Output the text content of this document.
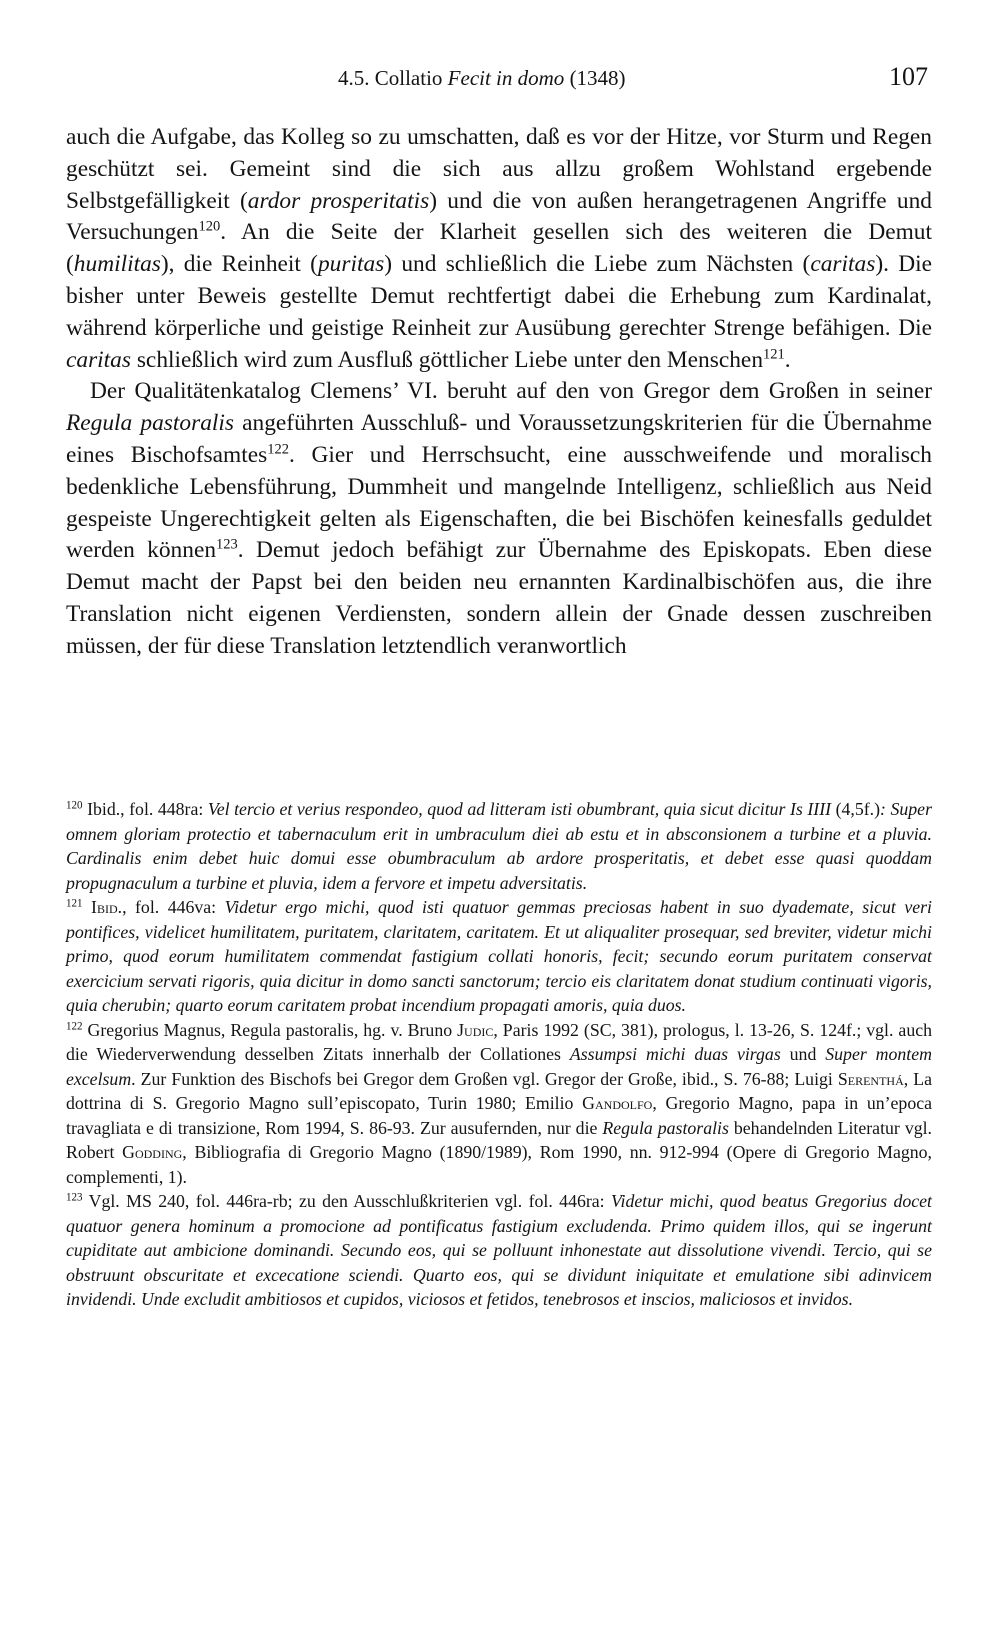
4.5. Collatio Fecit in domo (1348)	107

auch die Aufgabe, das Kolleg so zu umschatten, daß es vor der Hitze, vor Sturm und Regen geschützt sei. Gemeint sind die sich aus allzu großem Wohlstand ergebende Selbstgefälligkeit (ardor prosperitatis) und die von außen herangetragenen Angriffe und Versuchungen$^{120}$. An die Seite der Klarheit gesellen sich des weiteren die Demut (humilitas), die Reinheit (puritas) und schließlich die Liebe zum Nächsten (caritas). Die bisher unter Beweis gestellte Demut rechtfertigt dabei die Erhebung zum Kardinalat, während körperliche und geistige Reinheit zur Ausübung gerechter Strenge befähigen. Die caritas schließlich wird zum Ausfluß göttlicher Liebe unter den Menschen$^{121}$.

Der Qualitätenkatalog Clemens’ VI. beruht auf den von Gregor dem Großen in seiner Regula pastoralis angeführten Ausschluß- und Voraussetzungskriterien für die Übernahme eines Bischofsamtes$^{122}$. Gier und Herrschsucht, eine ausschweifende und moralisch bedenkliche Lebensführung, Dummheit und mangelnde Intelligenz, schließlich aus Neid gespeiste Ungerechtigkeit gelten als Eigenschaften, die bei Bischöfen keinesfalls geduldet werden können$^{123}$. Demut jedoch befähigt zur Übernahme des Episkopats. Eben diese Demut macht der Papst bei den beiden neu ernannten Kardinalbischöfen aus, die ihre Translation nicht eigenen Verdiensten, sondern allein der Gnade dessen zuschreiben müssen, der für diese Translation letztendlich veranwortlich

$^{120}$ Ibid., fol. 448ra: Vel tercio et verius respondeo, quod ad litteram isti obumbrant, quia sicut dicitur Is IIII (4,5f.): Super omnem gloriam protectio et tabernaculum erit in umbraculum diei ab estu et in absconsionem a turbine et a pluvia. Cardinalis enim debet huic domui esse obumbraculum ab ardore prosperitatis, et debet esse quasi quoddam propugnaculum a turbine et pluvia, idem a fervore et impetu adversitatis.

$^{121}$ Ibid., fol. 446va: Videtur ergo michi, quod isti quatuor gemmas preciosas habent in suo dyademate, sicut veri pontifices, videlicet humilitatem, puritatem, claritatem, caritatem. Et ut aliqualiter prosequar, sed breviter, videtur michi primo, quod eorum humilitatem commendat fastigium collati honoris, fecit; secundo eorum puritatem conservat exercicium servati rigoris, quia dicitur in domo sancti sanctorum; tercio eis claritatem donat studium continuati vigoris, quia cherubin; quarto eorum caritatem probat incendium propagati amoris, quia duos.

$^{122}$ Gregorius Magnus, Regula pastoralis, hg. v. Bruno Judic, Paris 1992 (SC, 381), prologus, l. 13-26, S. 124f.; vgl. auch die Wiederverwendung desselben Zitats innerhalb der Collationes Assumpsi michi duas virgas und Super montem excelsum. Zur Funktion des Bischofs bei Gregor dem Großen vgl. Gregor der Große, ibid., S. 76-88; Luigi Serenthá, La dottrina di S. Gregorio Magno sull’episcopato, Turin 1980; Emilio Gandolfo, Gregorio Magno, papa in un’epoca travagliata e di transizione, Rom 1994, S. 86-93. Zur ausufernden, nur die Regula pastoralis behandelnden Literatur vgl. Robert Godding, Bibliografia di Gregorio Magno (1890/1989), Rom 1990, nn. 912-994 (Opere di Gregorio Magno, complementi, 1).

$^{123}$ Vgl. MS 240, fol. 446ra-rb; zu den Ausschlußkriterien vgl. fol. 446ra: Videtur michi, quod beatus Gregorius docet quatuor genera hominum a promocione ad pontificatus fastigium excludenda. Primo quidem illos, qui se ingerunt cupiditate aut ambicione dominandi. Secundo eos, qui se polluunt inhonestate aut dissolutione vivendi. Tercio, qui se obstruunt obscuritate et excecatione sciendi. Quarto eos, qui se dividunt iniquitate et emulatione sibi adinvicem invidendi. Unde excludit ambitiosos et cupidos, viciosos et fetidos, tenebrosos et inscios, maliciosos et invidos.
